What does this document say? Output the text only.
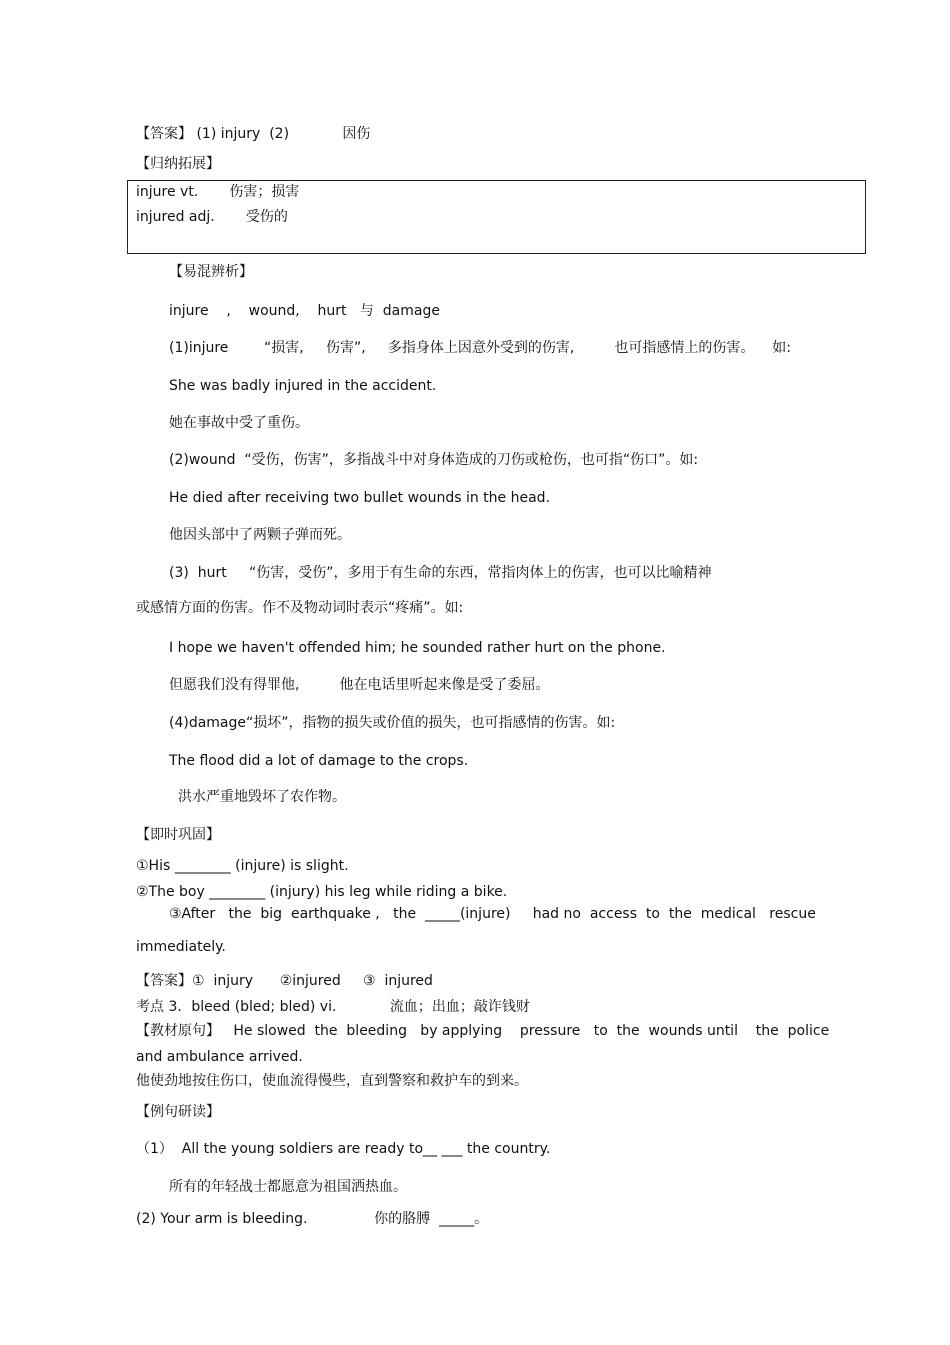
【答案】 (1) injury  (2)            因伤
【归纳拓展】
injure vt.       伤害；损害
injured adj.       受伤的
【易混辨析】
injure    ,    wound,    hurt   与  damage
(1)injure        “损害,     伤害”,     多指身体上因意外受到的伤害,         也可指感情上的伤害。    如:
She was badly injured in the accident.
她在事故中受了重伤。
(2)wound  “受伤，伤害”，多指战斗中对身体造成的刀伤或枪伤，也可指“伤口”。如:
He died after receiving two bullet wounds in the head.
他因头部中了两颗子弹而死。
(3)  hurt     “伤害，受伤”，多用于有生命的东西，常指肉体上的伤害，也可以比喻精神
或感情方面的伤害。作不及物动词时表示“疼痛”。如:
I hope we haven't offended him; he sounded rather hurt on the phone.
但愿我们没有得罪他,         他在电话里听起来像是受了委屈。
(4)damage“损坏”，指物的损失或价值的损失，也可指感情的伤害。如:
The flood did a lot of damage to the crops.
洪水严重地毁坏了农作物。
【即时巩固】
①His ________ (injure) is slight.
②The boy ________ (injury) his leg while riding a bike.
③After   the  big  earthquake ,   the  _____(injure)     had no  access  to  the  medical   rescue
immediately.
【答案】①  injury      ②injured     ③  injured
考点 3．bleed (bled; bled) vi.            流血；出血；敲诈钱财
【教材原句】   He slowed  the  bleeding   by applying    pressure   to  the  wounds until    the  police
and ambulance arrived.
他使劲地按住伤口，使血流得慢些，直到警察和救护车的到来。
【例句研读】
（1）  All the young soldiers are ready to__ ___ the country.
所有的年轻战士都愿意为祖国洒热血。
(2) Your arm is bleeding.               你的胳膊  _____。
